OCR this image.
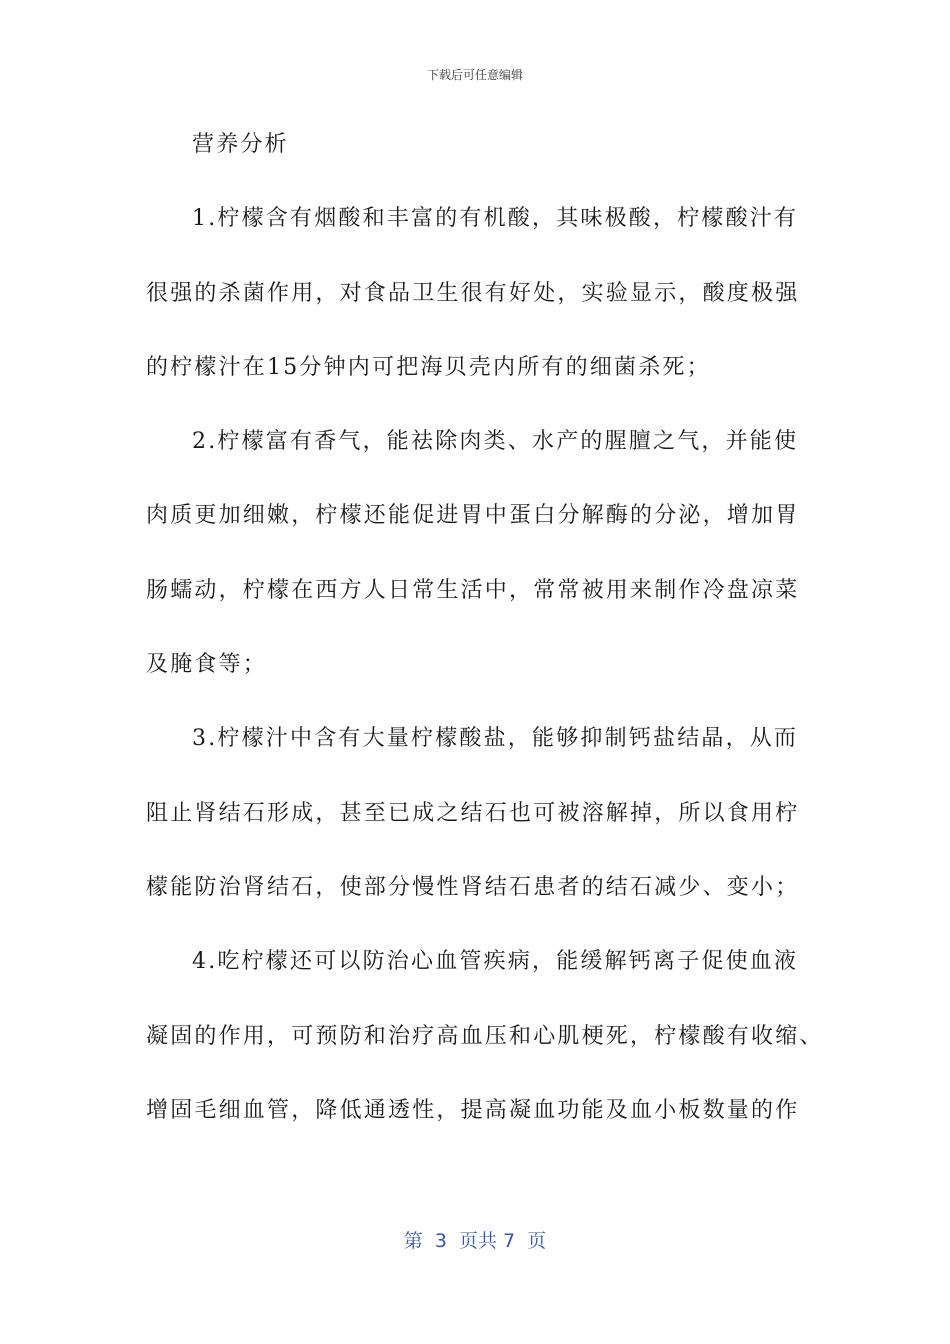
下载后可任意编辑
营养分析
1.柠檬含有烟酸和丰富的有机酸，其味极酸，柠檬酸汁有
很强的杀菌作用，对食品卫生很有好处，实验显示，酸度极强
的柠檬汁在15分钟内可把海贝壳内所有的细菌杀死；
2.柠檬富有香气，能祛除肉类、水产的腥膻之气，并能使
肉质更加细嫩，柠檬还能促进胃中蛋白分解酶的分泌，增加胃
肠蠕动，柠檬在西方人日常生活中，常常被用来制作冷盘凉菜
及腌食等；
3.柠檬汁中含有大量柠檬酸盐，能够抑制钙盐结晶，从而
阻止肾结石形成，甚至已成之结石也可被溶解掉，所以食用柠
檬能防治肾结石，使部分慢性肾结石患者的结石减少、变小；
4.吃柠檬还可以防治心血管疾病，能缓解钙离子促使血液
凝固的作用，可预防和治疗高血压和心肌梗死，柠檬酸有收缩、
增固毛细血管，降低通透性，提高凝血功能及血小板数量的作
第  3  页共 7  页
